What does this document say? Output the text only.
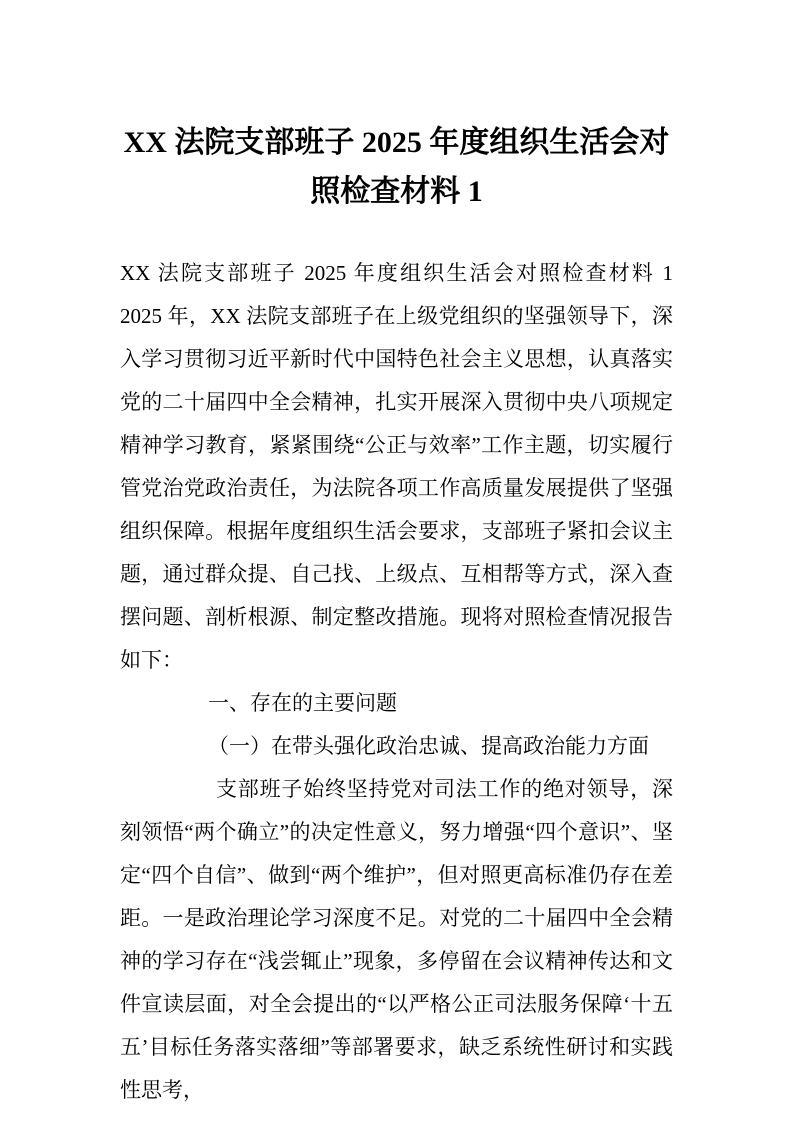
XX 法院支部班子 2025 年度组织生活会对照检查材料 1

XX 法院支部班子 2025 年度组织生活会对照检查材料 1

2025 年，XX 法院支部班子在上级党组织的坚强领导下，深入学习贯彻习近平新时代中国特色社会主义思想，认真落实党的二十届四中全会精神，扎实开展深入贯彻中央八项规定精神学习教育，紧紧围绕“公正与效率”工作主题，切实履行管党治党政治责任，为法院各项工作高质量发展提供了坚强组织保障。根据年度组织生活会要求，支部班子紧扣会议主题，通过群众提、自己找、上级点、互相帮等方式，深入查摆问题、剖析根源、制定整改措施。现将对照检查情况报告如下：

一、存在的主要问题

（一）在带头强化政治忠诚、提高政治能力方面

支部班子始终坚持党对司法工作的绝对领导，深刻领悟“两个确立”的决定性意义，努力增强“四个意识”、坚定“四个自信”、做到“两个维护”，但对照更高标准仍存在差距。一是政治理论学习深度不足。对党的二十届四中全会精神的学习存在“浅尝辄止”现象，多停留在会议精神传达和文件宣读层面，对全会提出的“以严格公正司法服务保障‘十五五’目标任务落实落细”等部署要求，缺乏系统性研讨和实践性思考，
